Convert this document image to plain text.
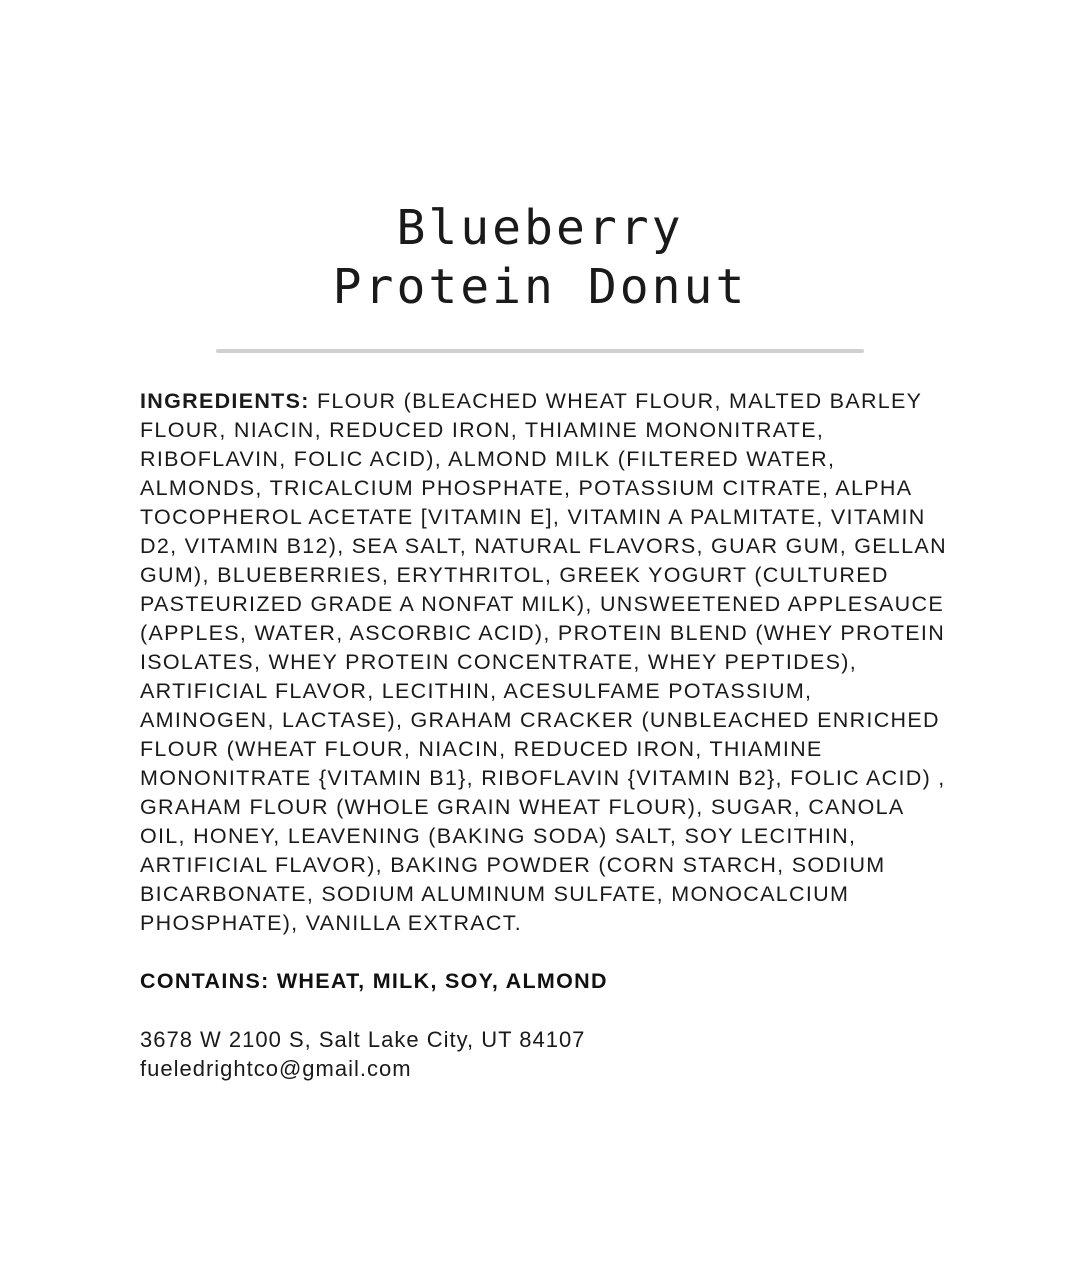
Blueberry
Protein Donut

INGREDIENTS: FLOUR (BLEACHED WHEAT FLOUR, MALTED BARLEY FLOUR, NIACIN, REDUCED IRON, THIAMINE MONONITRATE, RIBOFLAVIN, FOLIC ACID), ALMOND MILK (FILTERED WATER, ALMONDS, TRICALCIUM PHOSPHATE, POTASSIUM CITRATE, ALPHA TOCOPHEROL ACETATE [VITAMIN E], VITAMIN A PALMITATE, VITAMIN D2, VITAMIN B12), SEA SALT, NATURAL FLAVORS, GUAR GUM, GELLAN GUM), BLUEBERRIES, ERYTHRITOL, GREEK YOGURT (CULTURED PASTEURIZED GRADE A NONFAT MILK), UNSWEETENED APPLESAUCE (APPLES, WATER, ASCORBIC ACID), PROTEIN BLEND (WHEY PROTEIN ISOLATES, WHEY PROTEIN CONCENTRATE, WHEY PEPTIDES), ARTIFICIAL FLAVOR, LECITHIN, ACESULFAME POTASSIUM, AMINOGEN, LACTASE), GRAHAM CRACKER (UNBLEACHED ENRICHED FLOUR (WHEAT FLOUR, NIACIN, REDUCED IRON, THIAMINE MONONITRATE {VITAMIN B1}, RIBOFLAVIN {VITAMIN B2}, FOLIC ACID) , GRAHAM FLOUR (WHOLE GRAIN WHEAT FLOUR), SUGAR, CANOLA OIL, HONEY, LEAVENING (BAKING SODA) SALT, SOY LECITHIN, ARTIFICIAL FLAVOR), BAKING POWDER (CORN STARCH, SODIUM BICARBONATE, SODIUM ALUMINUM SULFATE, MONOCALCIUM PHOSPHATE), VANILLA EXTRACT.

CONTAINS: WHEAT, MILK, SOY, ALMOND

3678 W 2100 S, Salt Lake City, UT 84107
fueledrightco@gmail.com
